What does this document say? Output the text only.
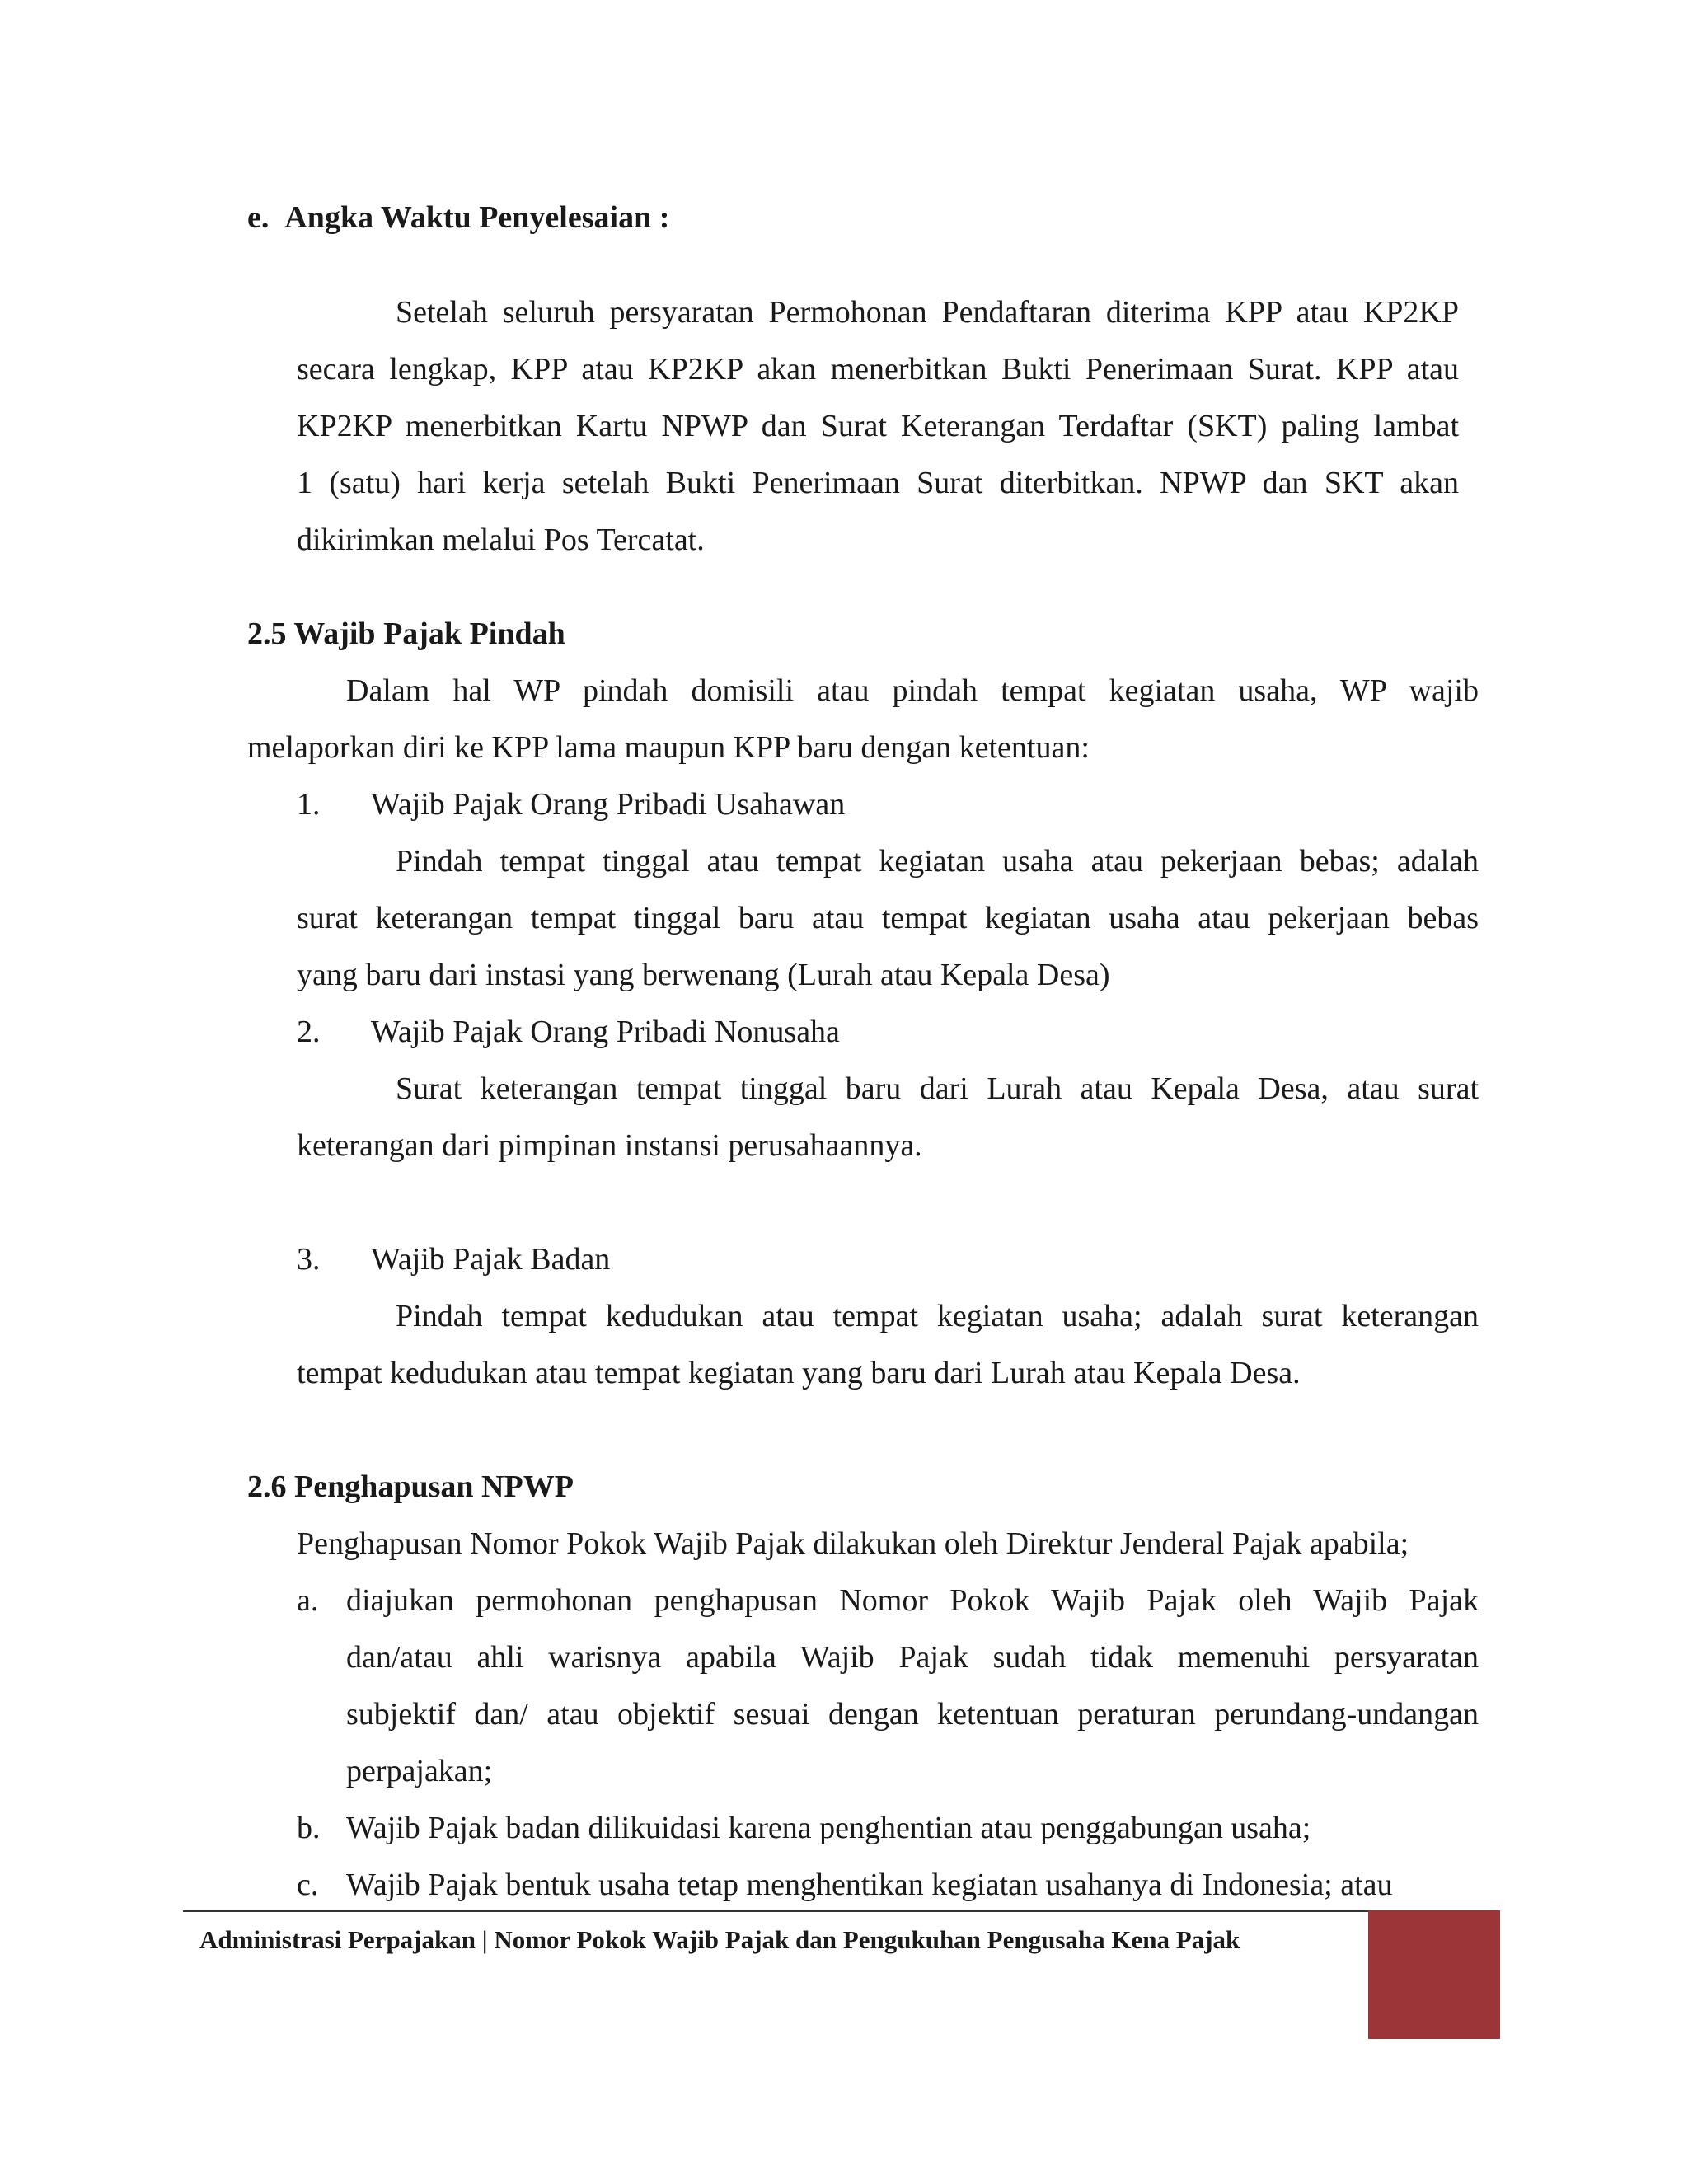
e.  Angka Waktu Penyelesaian :
Setelah seluruh persyaratan Permohonan Pendaftaran diterima KPP atau KP2KP
secara lengkap, KPP atau KP2KP akan menerbitkan Bukti Penerimaan Surat. KPP atau
KP2KP menerbitkan Kartu NPWP dan Surat Keterangan Terdaftar (SKT) paling lambat
1 (satu) hari kerja setelah Bukti Penerimaan Surat diterbitkan. NPWP dan SKT akan
dikirimkan melalui Pos Tercatat.
2.5 Wajib Pajak Pindah
Dalam hal WP pindah domisili atau pindah tempat kegiatan usaha, WP wajib
melaporkan diri ke KPP lama maupun KPP baru dengan ketentuan:
1. Wajib Pajak Orang Pribadi Usahawan
Pindah tempat tinggal atau tempat kegiatan usaha atau pekerjaan bebas; adalah
surat keterangan tempat tinggal baru atau tempat kegiatan usaha atau pekerjaan bebas
yang baru dari instasi yang berwenang (Lurah atau Kepala Desa)
2. Wajib Pajak Orang Pribadi Nonusaha
Surat keterangan tempat tinggal baru dari Lurah atau Kepala Desa, atau surat
keterangan dari pimpinan instansi perusahaannya.
3. Wajib Pajak Badan
Pindah tempat kedudukan atau tempat kegiatan usaha; adalah surat keterangan
tempat kedudukan atau tempat kegiatan yang baru dari Lurah atau Kepala Desa.
2.6 Penghapusan NPWP
Penghapusan Nomor Pokok Wajib Pajak dilakukan oleh Direktur Jenderal Pajak apabila;
a. diajukan permohonan penghapusan Nomor Pokok Wajib Pajak oleh Wajib Pajak
dan/atau ahli warisnya apabila Wajib Pajak sudah tidak memenuhi persyaratan
subjektif dan/ atau objektif sesuai dengan ketentuan peraturan perundang-undangan
perpajakan;
b. Wajib Pajak badan dilikuidasi karena penghentian atau penggabungan usaha;
c. Wajib Pajak bentuk usaha tetap menghentikan kegiatan usahanya di Indonesia; atau
Administrasi Perpajakan | Nomor Pokok Wajib Pajak dan Pengukuhan Pengusaha Kena Pajak
